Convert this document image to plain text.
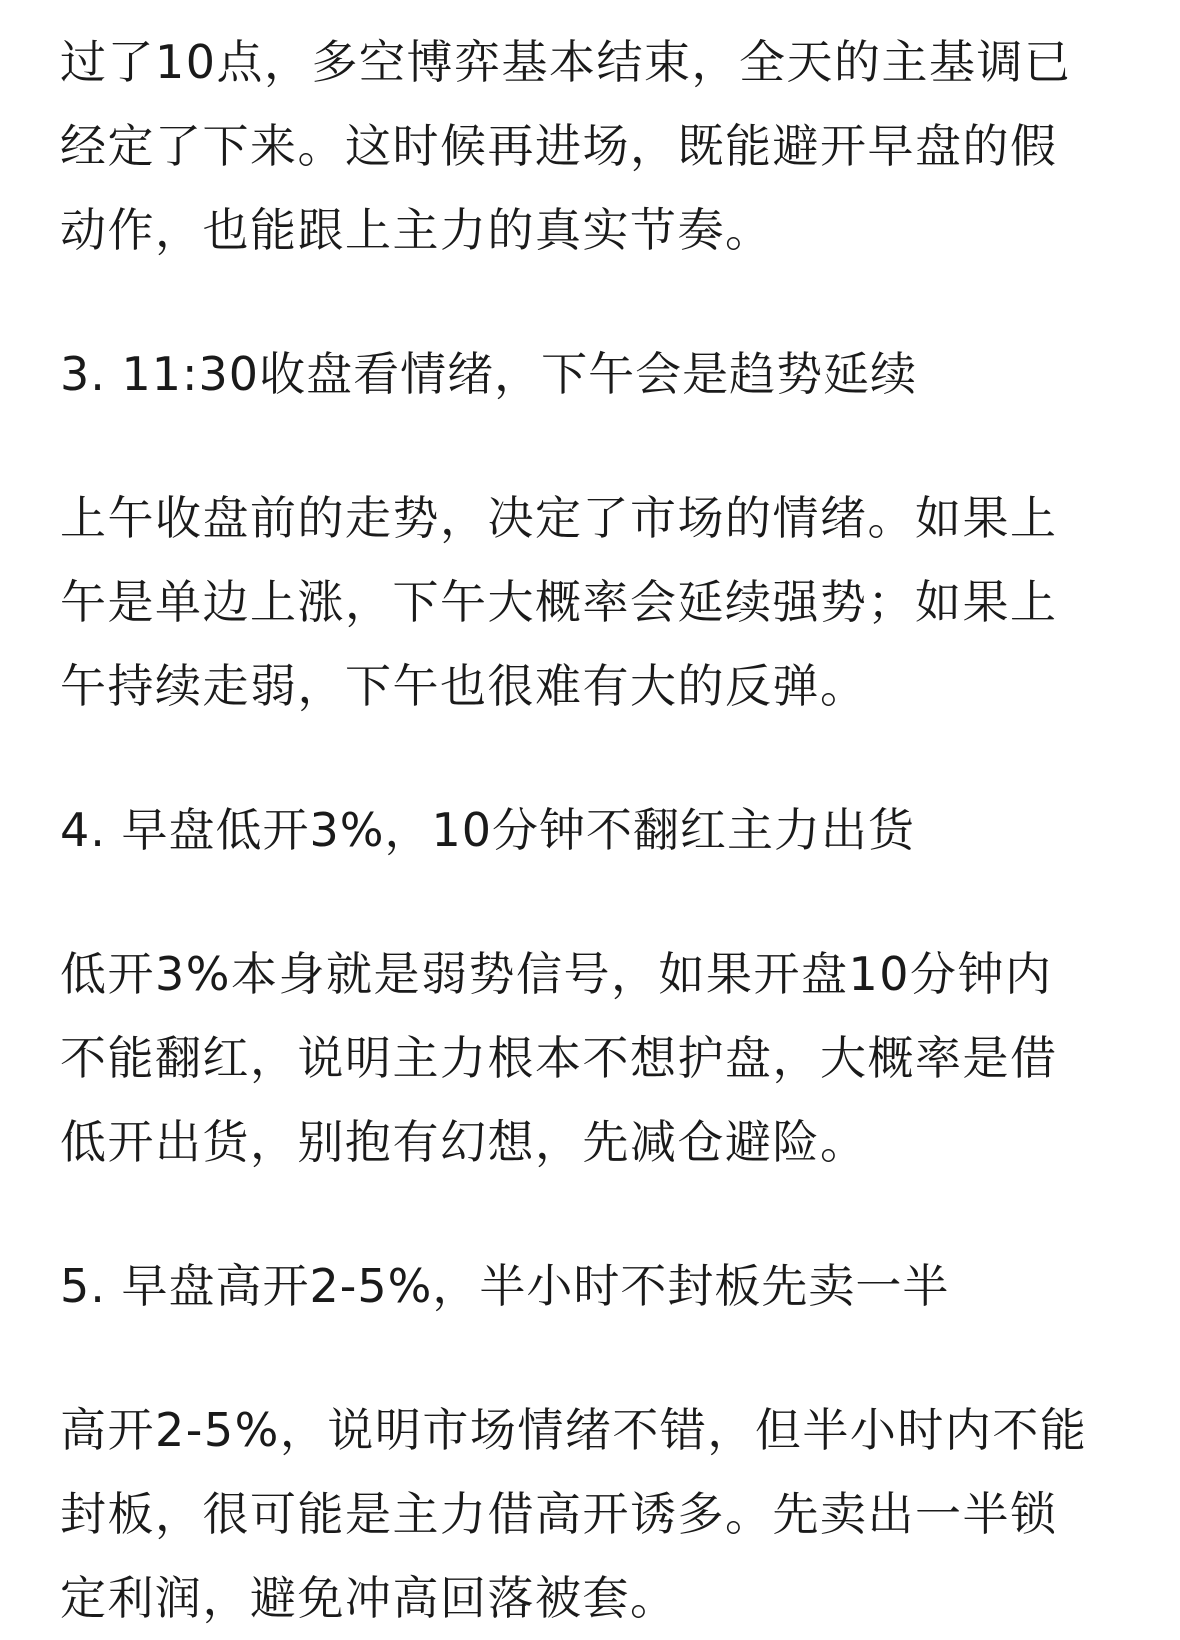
过了10点，多空博弈基本结束，全天的主基调已经定了下来。这时候再进场，既能避开早盘的假动作，也能跟上主力的真实节奏。

3. 11:30收盘看情绪，下午会是趋势延续

上午收盘前的走势，决定了市场的情绪。如果上午是单边上涨，下午大概率会延续强势；如果上午持续走弱，下午也很难有大的反弹。

4. 早盘低开3%，10分钟不翻红主力出货

低开3%本身就是弱势信号，如果开盘10分钟内不能翻红，说明主力根本不想护盘，大概率是借低开出货，别抱有幻想，先减仓避险。

5. 早盘高开2-5%，半小时不封板先卖一半

高开2-5%，说明市场情绪不错，但半小时内不能封板，很可能是主力借高开诱多。先卖出一半锁定利润，避免冲高回落被套。
